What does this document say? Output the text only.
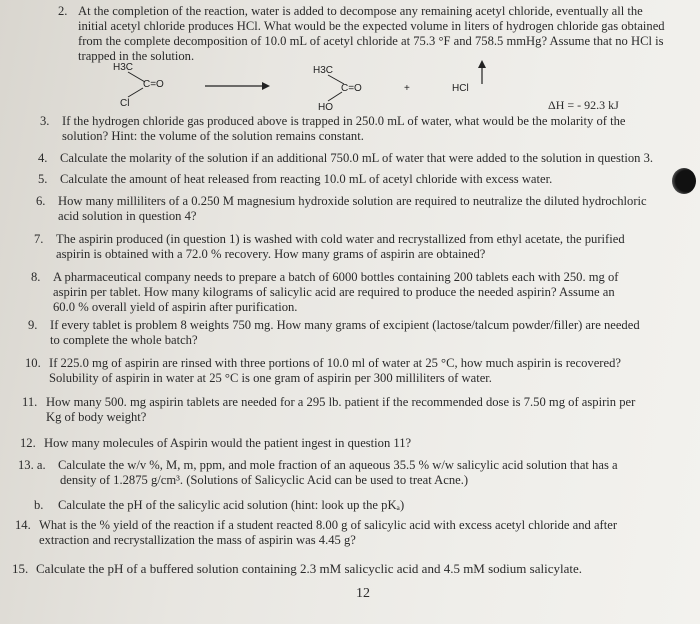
2. At the completion of the reaction, water is added to decompose any remaining acetyl chloride, eventually all the
initial acetyl chloride produces HCl. What would be the expected volume in liters of hydrogen chloride gas obtained
from the complete decomposition of 10.0 mL of acetyl chloride at 75.3 °F and 758.5 mmHg? Assume that no HCl is
trapped in the solution.
H3C
C=O
Cl
H3C
C=O
HO
+	HCl
ΔH = - 92.3 kJ
3. If the hydrogen chloride gas produced above is trapped in 250.0 mL of water, what would be the molarity of the
solution? Hint: the volume of the solution remains constant.
4. Calculate the molarity of the solution if an additional 750.0 mL of water that were added to the solution in question 3.
5. Calculate the amount of heat released from reacting 10.0 mL of acetyl chloride with excess water.
6. How many milliliters of a 0.250 M magnesium hydroxide solution are required to neutralize the diluted hydrochloric
acid solution in question 4?
7. The aspirin produced (in question 1) is washed with cold water and recrystallized from ethyl acetate, the purified
aspirin is obtained with a 72.0 % recovery. How many grams of aspirin are obtained?
8. A pharmaceutical company needs to prepare a batch of 6000 bottles containing 200 tablets each with 250. mg of
aspirin per tablet. How many kilograms of salicylic acid are required to produce the needed aspirin? Assume an
60.0 % overall yield of aspirin after purification.
9. If every tablet is problem 8 weights 750 mg. How many grams of excipient (lactose/talcum powder/filler) are needed
to complete the whole batch?
10. If 225.0 mg of aspirin are rinsed with three portions of 10.0 ml of water at 25 °C, how much aspirin is recovered?
Solubility of aspirin in water at 25 °C is one gram of aspirin per 300 milliliters of water.
11. How many 500. mg aspirin tablets are needed for a 295 lb. patient if the recommended dose is 7.50 mg of aspirin per
Kg of body weight?
12. How many molecules of Aspirin would the patient ingest in question 11?
13. a. Calculate the w/v %, M, m, ppm, and mole fraction of an aqueous 35.5 % w/w salicylic acid solution that has a
density of 1.2875 g/cm³. (Solutions of Salicyclic Acid can be used to treat Acne.)
b. Calculate the pH of the salicylic acid solution (hint: look up the pKₐ)
14. What is the % yield of the reaction if a student reacted 8.00 g of salicylic acid with excess acetyl chloride and after
extraction and recrystallization the mass of aspirin was 4.45 g?
15. Calculate the pH of a buffered solution containing 2.3 mM salicyclic acid and 4.5 mM sodium salicylate.
12
